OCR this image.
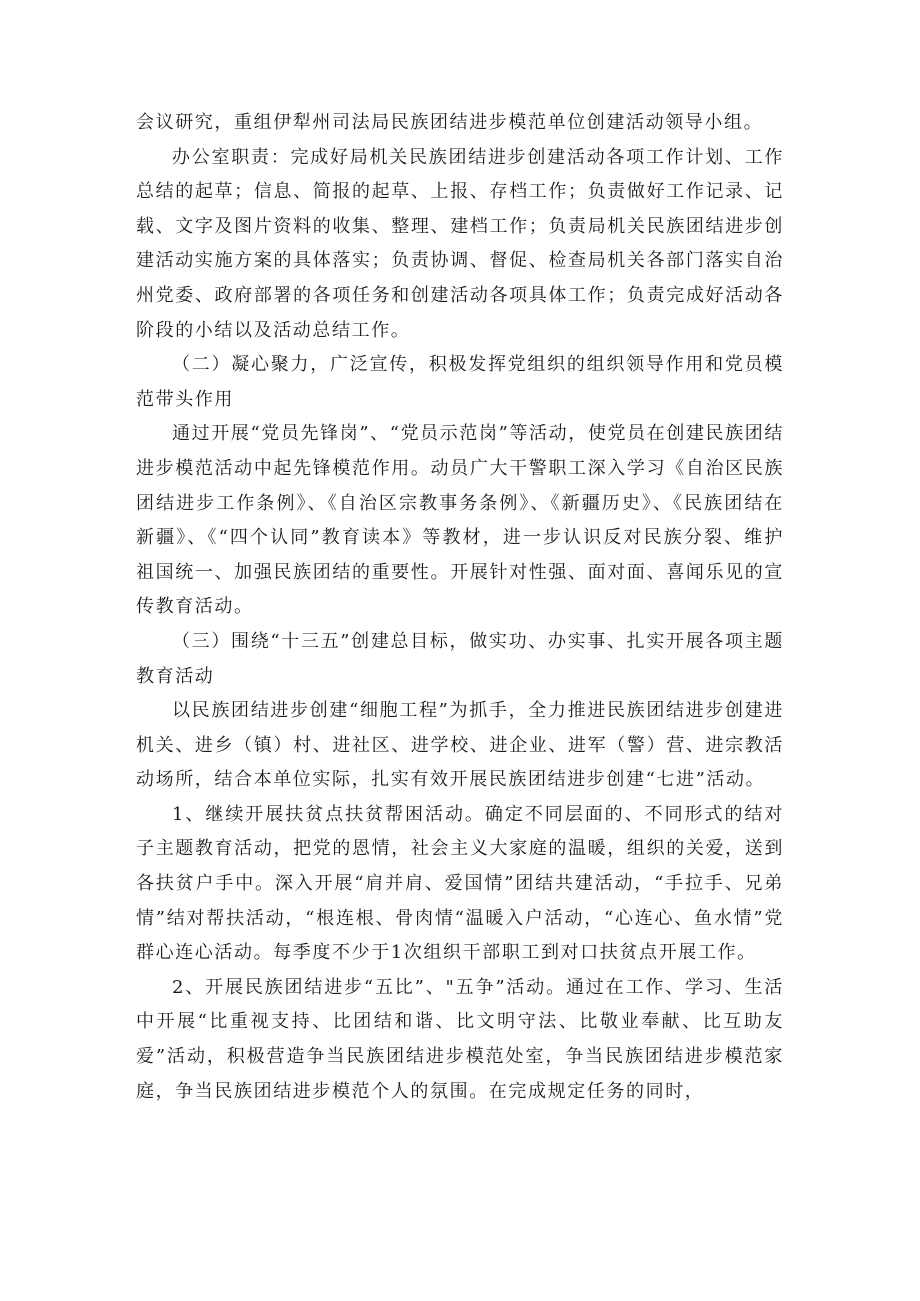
会议研究，重组伊犁州司法局民族团结进步模范单位创建活动领导小组。

办公室职责：完成好局机关民族团结进步创建活动各项工作计划、工作总结的起草；信息、简报的起草、上报、存档工作；负责做好工作记录、记载、文字及图片资料的收集、整理、建档工作；负责局机关民族团结进步创建活动实施方案的具体落实；负责协调、督促、检查局机关各部门落实自治州党委、政府部署的各项任务和创建活动各项具体工作；负责完成好活动各阶段的小结以及活动总结工作。

（二）凝心聚力，广泛宣传，积极发挥党组织的组织领导作用和党员模范带头作用

通过开展“党员先锋岗”、“党员示范岗”等活动，使党员在创建民族团结进步模范活动中起先锋模范作用。动员广大干警职工深入学习《自治区民族团结进步工作条例》、《自治区宗教事务条例》、《新疆历史》、《民族团结在新疆》、《“四个认同”教育读本》等教材，进一步认识反对民族分裂、维护祖国统一、加强民族团结的重要性。开展针对性强、面对面、喜闻乐见的宣传教育活动。

（三）围绕“十三五”创建总目标，做实功、办实事、扎实开展各项主题教育活动

以民族团结进步创建“细胞工程”为抓手，全力推进民族团结进步创建进机关、进乡（镇）村、进社区、进学校、进企业、进军（警）营、进宗教活动场所，结合本单位实际，扎实有效开展民族团结进步创建“七进”活动。

1、继续开展扶贫点扶贫帮困活动。确定不同层面的、不同形式的结对子主题教育活动，把党的恩情，社会主义大家庭的温暖，组织的关爱，送到各扶贫户手中。深入开展“肩并肩、爱国情”团结共建活动，“手拉手、兄弟情”结对帮扶活动，“根连根、骨肉情“温暖入户活动，“心连心、鱼水情”党群心连心活动。每季度不少于1次组织干部职工到对口扶贫点开展工作。

2、开展民族团结进步“五比”、"五争”活动。通过在工作、学习、生活中开展“比重视支持、比团结和谐、比文明守法、比敬业奉献、比互助友爱”活动，积极营造争当民族团结进步模范处室，争当民族团结进步模范家庭，争当民族团结进步模范个人的氛围。在完成规定任务的同时，
